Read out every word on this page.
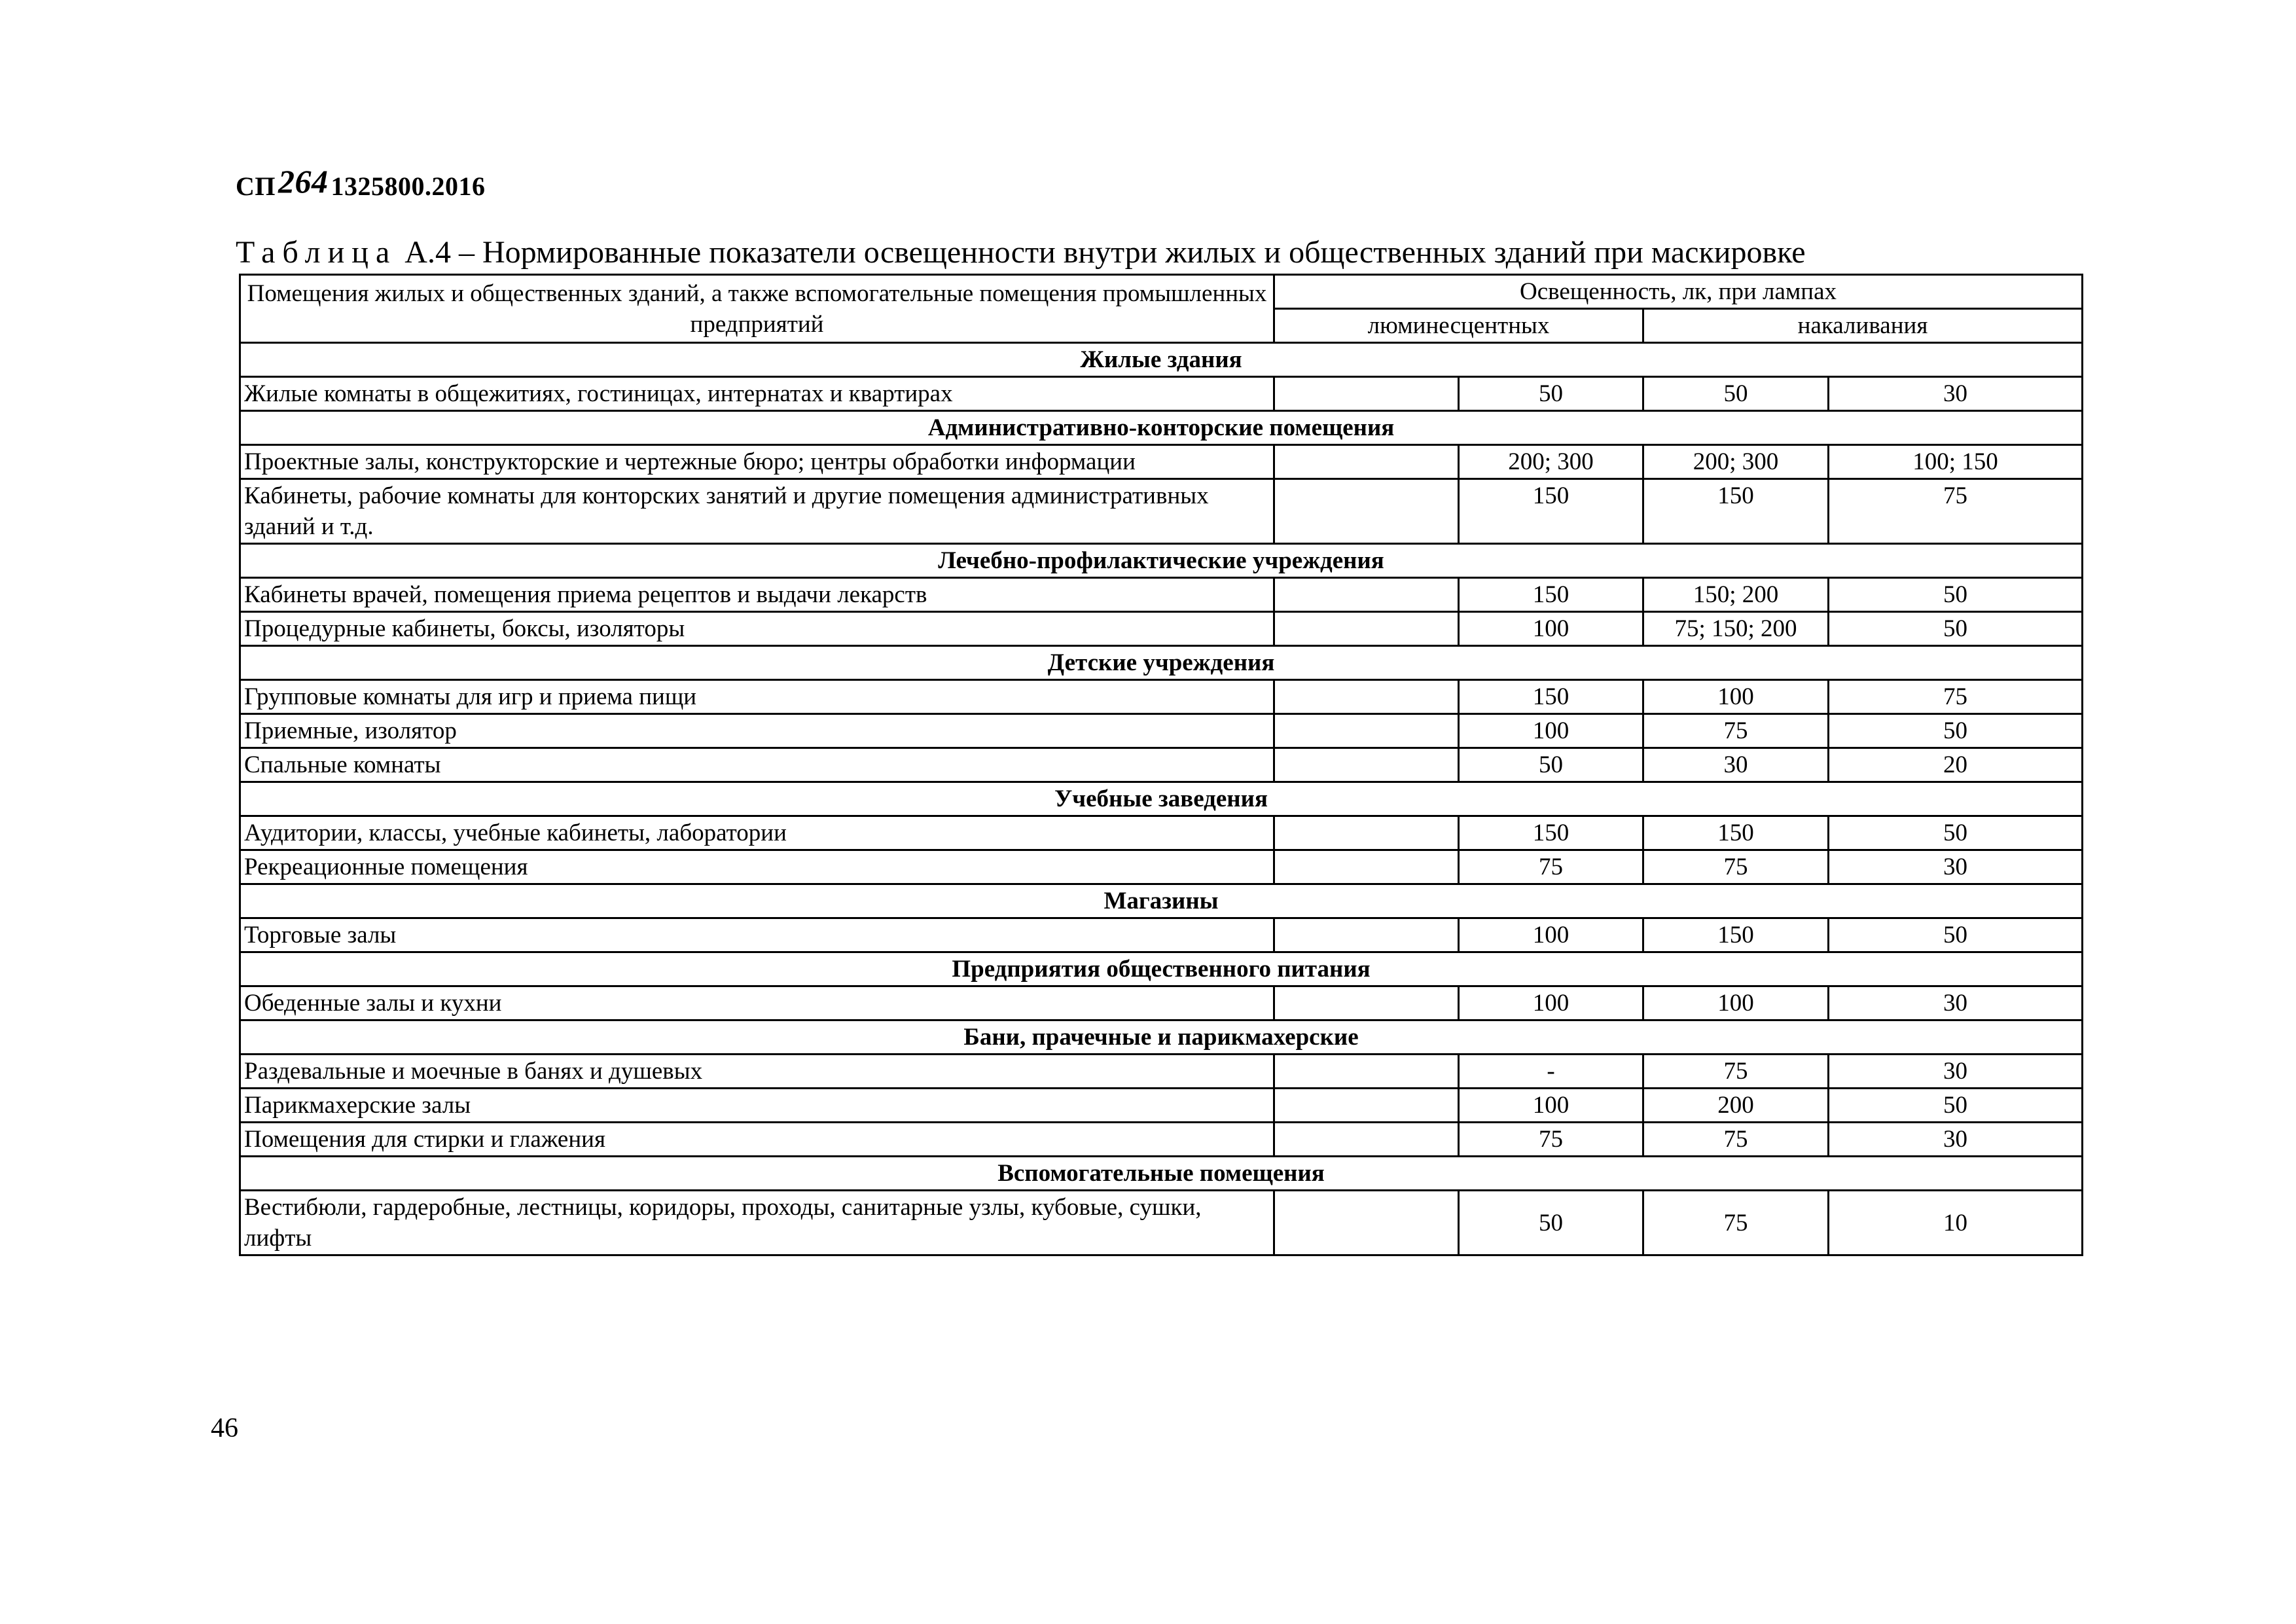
СП264 1325800.2016
Таблица А.4 – Нормированные показатели освещенности внутри жилых и общественных зданий при маскировке
Помещения жилых и общественных зданий, а также вспомогательные помещения промышленных предприятий	Освещенность, лк, при лампах			
	люминесцентных		накаливания	
Жилые здания				
Жилые комнаты в общежитиях, гостиницах, интернатах и квартирах		50	50	30
Административно-конторские помещения				
Проектные залы, конструкторские и чертежные бюро; центры обработки информации		200; 300	200; 300	100; 150
Кабинеты, рабочие комнаты для конторских занятий и другие помещения административных зданий и т.д.		150	150	75
Лечебно-профилактические учреждения				
Кабинеты врачей, помещения приема рецептов и выдачи лекарств		150	150; 200	50
Процедурные кабинеты, боксы, изоляторы		100	75; 150; 200	50
Детские учреждения				
Групповые комнаты для игр и приема пищи		150	100	75
Приемные, изолятор		100	75	50
Спальные комнаты		50	30	20
Учебные заведения				
Аудитории, классы, учебные кабинеты, лаборатории		150	150	50
Рекреационные помещения		75	75	30
Магазины				
Торговые залы		100	150	50
Предприятия общественного питания				
Обеденные залы и кухни		100	100	30
Бани, прачечные и парикмахерские				
Раздевальные и моечные в банях и душевых		-	75	30
Парикмахерские залы		100	200	50
Помещения для стирки и глажения		75	75	30
Вспомогательные помещения				
Вестибюли, гардеробные, лестницы, коридоры, проходы, санитарные узлы, кубовые, сушки, лифты		50	75	10
46
